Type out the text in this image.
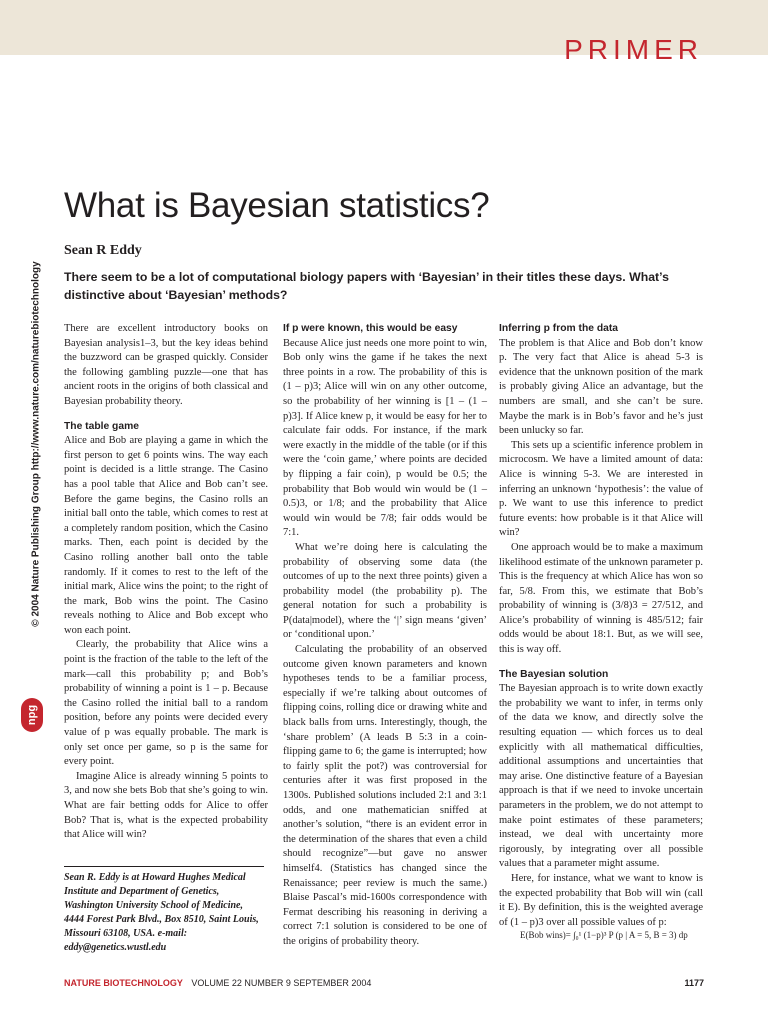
PRIMER
© 2004 Nature Publishing Group http://www.nature.com/naturebiotechnology
npg
What is Bayesian statistics?
Sean R Eddy
There seem to be a lot of computational biology papers with ‘Bayesian’ in their titles these days. What’s distinctive about ‘Bayesian’ methods?

There are excellent introductory books on Bayesian analysis1–3, but the key ideas behind the buzzword can be grasped quickly. Consider the following gambling puzzle—one that has ancient roots in the origins of both classical and Bayesian probability theory.

The table game

Alice and Bob are playing a game in which the first person to get 6 points wins. The way each point is decided is a little strange. The Casino has a pool table that Alice and Bob can’t see. Before the game begins, the Casino rolls an initial ball onto the table, which comes to rest at a completely random position, which the Casino marks. Then, each point is decided by the Casino rolling another ball onto the table randomly. If it comes to rest to the left of the initial mark, Alice wins the point; to the right of the mark, Bob wins the point. The Casino reveals nothing to Alice and Bob except who won each point.

Clearly, the probability that Alice wins a point is the fraction of the table to the left of the mark—call this probability p; and Bob’s probability of winning a point is 1 – p. Because the Casino rolled the initial ball to a random position, before any points were decided every value of p was equally probable. The mark is only set once per game, so p is the same for every point.

Imagine Alice is already winning 5 points to 3, and now she bets Bob that she’s going to win. What are fair betting odds for Alice to offer Bob? That is, what is the expected probability that Alice will win?

Sean R. Eddy is at Howard Hughes Medical Institute and Department of Genetics, Washington University School of Medicine, 4444 Forest Park Blvd., Box 8510, Saint Louis, Missouri 63108, USA. e-mail: eddy@genetics.wustl.edu
If p were known, this would be easy

Because Alice just needs one more point to win, Bob only wins the game if he takes the next three points in a row. The probability of this is (1 – p)3; Alice will win on any other outcome, so the probability of her winning is [1 – (1 – p)3]. If Alice knew p, it would be easy for her to calculate fair odds. For instance, if the mark were exactly in the middle of the table (or if this were the ‘coin game,’ where points are decided by flipping a fair coin), p would be 0.5; the probability that Bob would win would be (1 – 0.5)3, or 1/8; and the probability that Alice would win would be 7/8; fair odds would be 7:1.

What we’re doing here is calculating the probability of observing some data (the outcomes of up to the next three points) given a probability model (the probability p). The general notation for such a probability is P(data|model), where the ‘|’ sign means ‘given’ or ‘conditional upon.’

Calculating the probability of an observed outcome given known parameters and known hypotheses tends to be a familiar process, especially if we’re talking about outcomes of flipping coins, rolling dice or drawing white and black balls from urns. Interestingly, though, the ‘share problem’ (A leads B 5:3 in a coin-flipping game to 6; the game is interrupted; how to fairly split the pot?) was controversial for centuries after it was first proposed in the 1300s. Published solutions included 2:1 and 3:1 odds, and one mathematician sniffed at another’s solution, “there is an evident error in the determination of the shares that even a child should recognize”—but gave no answer himself4. (Statistics has changed since the Renaissance; peer review is much the same.) Blaise Pascal’s mid-1600s correspondence with Fermat describing his reasoning in deriving a correct 7:1 solution is considered to be one of the origins of probability theory.

Inferring p from the data

The problem is that Alice and Bob don’t know p. The very fact that Alice is ahead 5-3 is evidence that the unknown position of the mark is probably giving Alice an advantage, but the numbers are small, and she can’t be sure. Maybe the mark is in Bob’s favor and he’s just been unlucky so far.

This sets up a scientific inference problem in microcosm. We have a limited amount of data: Alice is winning 5-3. We are interested in inferring an unknown ‘hypothesis’: the value of p. We want to use this inference to predict future events: how probable is it that Alice will win?

One approach would be to make a maximum likelihood estimate of the unknown parameter p. This is the frequency at which Alice has won so far, 5/8. From this, we estimate that Bob’s probability of winning is (3/8)3 = 27/512, and Alice’s probability of winning is 485/512; fair odds would be about 18:1. But, as we will see, this is way off.

The Bayesian solution

The Bayesian approach is to write down exactly the probability we want to infer, in terms only of the data we know, and directly solve the resulting equation — which forces us to deal explicitly with all mathematical difficulties, additional assumptions and uncertainties that may arise. One distinctive feature of a Bayesian approach is that if we need to invoke uncertain parameters in the problem, we do not attempt to make point estimates of these parameters; instead, we deal with uncertainty more rigorously, by integrating over all possible values that a parameter might assume.

Here, for instance, what we want to know is the expected probability that Bob will win (call it E). By definition, this is the weighted average of (1 – p)3 over all possible values of p:

E(Bob wins)= ∫₀¹ (1−p)³ P (p | A = 5, B = 3) dp
NATURE BIOTECHNOLOGY VOLUME 22 NUMBER 9 SEPTEMBER 2004	1177
